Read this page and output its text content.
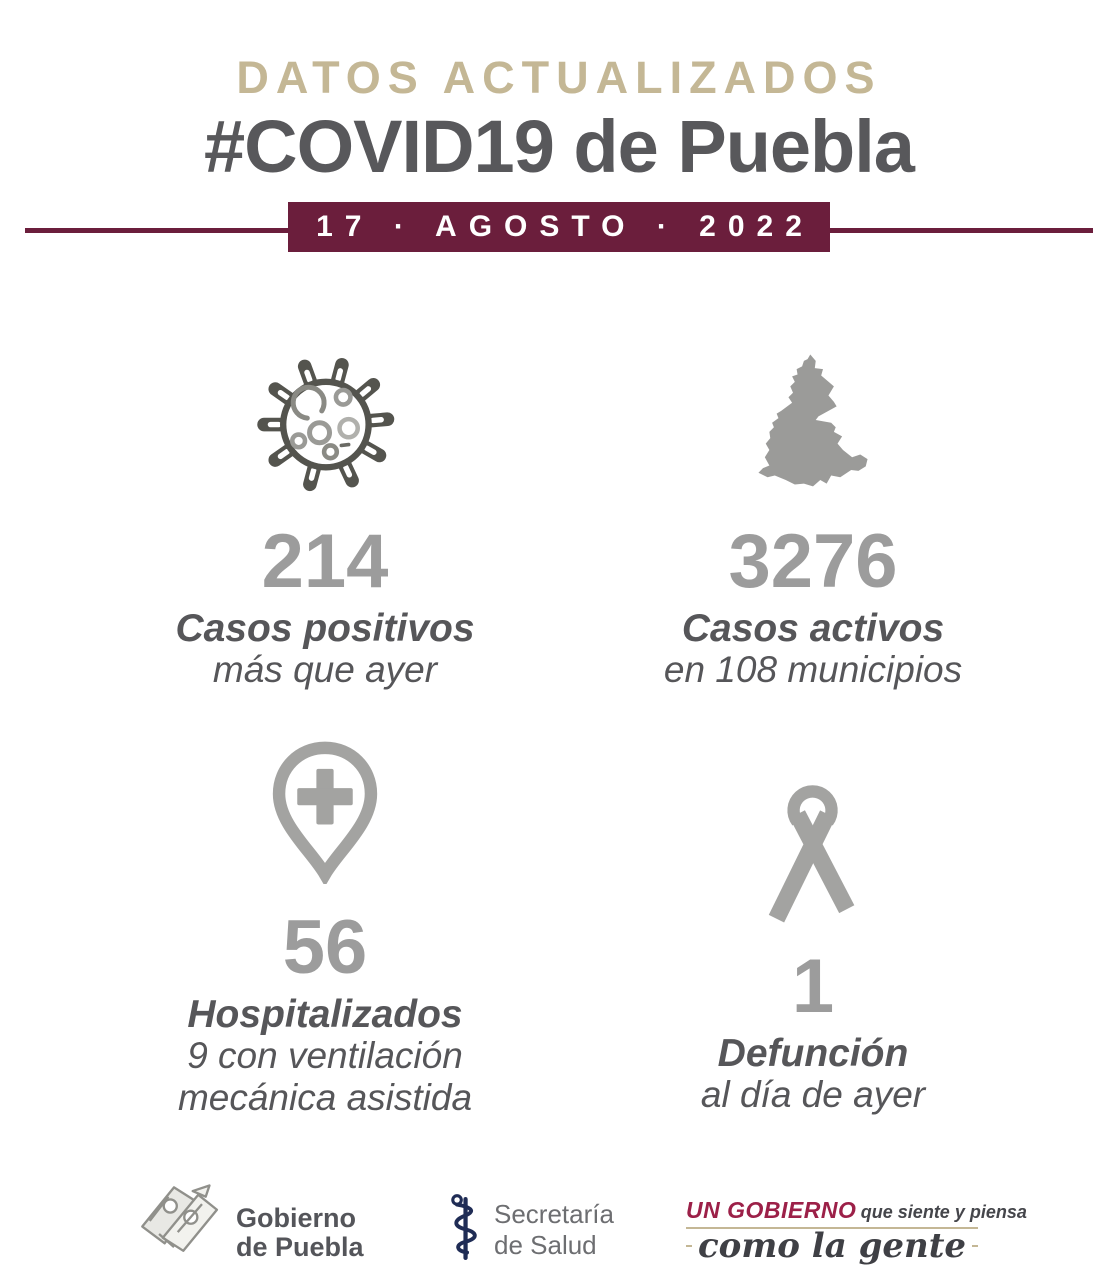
DATOS ACTUALIZADOS
#COVID19 de Puebla
17 · AGOSTO · 2022
214
Casos positivos
más que ayer
3276
Casos activos
en 108 municipios
56
Hospitalizados
9 con ventilación
mecánica asistida
1
Defunción
al día de ayer
Gobierno
de Puebla
Secretaría
de Salud
UN GOBIERNO que siente y piensa
como la gente
